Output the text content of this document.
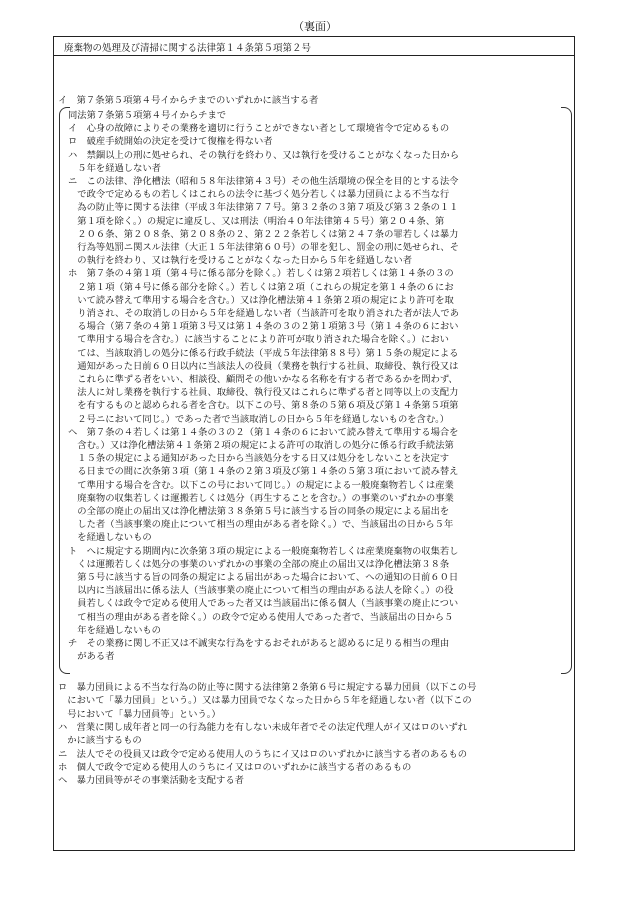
（裏面）
廃棄物の処理及び清掃に関する法律第１４条第５項第２号
イ　第７条第５項第４号イからチまでのいずれかに該当する者
同法第７条第５項第４号イからチまで
イ　心身の故障によりその業務を適切に行うことができない者として環境省令で定めるもの
ロ　破産手続開始の決定を受けて復権を得ない者
ハ　禁錮以上の刑に処せられ、その執行を終わり、又は執行を受けることがなくなった日から
　５年を経過しない者
ニ　この法律、浄化槽法（昭和５８年法律第４３号）その他生活環境の保全を目的とする法令
　で政令で定めるもの若しくはこれらの法令に基づく処分若しくは暴力団員による不当な行
　為の防止等に関する法律（平成３年法律第７７号。第３２条の３第７項及び第３２条の１１
　第１項を除く。）の規定に違反し、又は刑法（明治４０年法律第４５号）第２０４条、第
　２０６条、第２０８条、第２０８条の２、第２２２条若しくは第２４７条の罪若しくは暴力
　行為等処罰ニ関スル法律（大正１５年法律第６０号）の罪を犯し、罰金の刑に処せられ、そ
　の執行を終わり、又は執行を受けることがなくなった日から５年を経過しない者
ホ　第７条の４第１項（第４号に係る部分を除く。）若しくは第２項若しくは第１４条の３の
　２第１項（第４号に係る部分を除く。）若しくは第２項（これらの規定を第１４条の６にお
　いて読み替えて準用する場合を含む。）又は浄化槽法第４１条第２項の規定により許可を取
　り消され、その取消しの日から５年を経過しない者（当該許可を取り消された者が法人であ
　る場合（第７条の４第１項第３号又は第１４条の３の２第１項第３号（第１４条の６におい
　て準用する場合を含む。）に該当することにより許可が取り消された場合を除く。）におい
　ては、当該取消しの処分に係る行政手続法（平成５年法律第８８号）第１５条の規定による
　通知があった日前６０日以内に当該法人の役員（業務を執行する社員、取締役、執行役又は
　これらに準ずる者をいい、相談役、顧問その他いかなる名称を有する者であるかを問わず、
　法人に対し業務を執行する社員、取締役、執行役又はこれらに準ずる者と同等以上の支配力
　を有するものと認められる者を含む。以下この号、第８条の５第６項及び第１４条第５項第
　２号ニにおいて同じ。）であった者で当該取消しの日から５年を経過しないものを含む。）
ヘ　第７条の４若しくは第１４条の３の２（第１４条の６において読み替えて準用する場合を
　含む。）又は浄化槽法第４１条第２項の規定による許可の取消しの処分に係る行政手続法第
　１５条の規定による通知があった日から当該処分をする日又は処分をしないことを決定す
　る日までの間に次条第３項（第１４条の２第３項及び第１４条の５第３項において読み替え
　て準用する場合を含む。以下この号において同じ。）の規定による一般廃棄物若しくは産業
　廃棄物の収集若しくは運搬若しくは処分（再生することを含む。）の事業のいずれかの事業
　の全部の廃止の届出又は浄化槽法第３８条第５号に該当する旨の同条の規定による届出を
　した者（当該事業の廃止について相当の理由がある者を除く。）で、当該届出の日から５年
　を経過しないもの
ト　へに規定する期間内に次条第３項の規定による一般廃棄物若しくは産業廃棄物の収集若し
　くは運搬若しくは処分の事業のいずれかの事業の全部の廃止の届出又は浄化槽法第３８条
　第５号に該当する旨の同条の規定による届出があった場合において、への通知の日前６０日
　以内に当該届出に係る法人（当該事業の廃止について相当の理由がある法人を除く。）の役
　員若しくは政令で定める使用人であった者又は当該届出に係る個人（当該事業の廃止につい
　て相当の理由がある者を除く。）の政令で定める使用人であった者で、当該届出の日から５
　年を経過しないもの
チ　その業務に関し不正又は不誠実な行為をするおそれがあると認めるに足りる相当の理由
　がある者
ロ　暴力団員による不当な行為の防止等に関する法律第２条第６号に規定する暴力団員（以下この号
　において「暴力団員」という。）又は暴力団員でなくなった日から５年を経過しない者（以下この
　号において「暴力団員等」という。）
ハ　営業に関し成年者と同一の行為能力を有しない未成年者でその法定代理人がイ又はロのいずれ
　かに該当するもの
ニ　法人でその役員又は政令で定める使用人のうちにイ又はロのいずれかに該当する者のあるもの
ホ　個人で政令で定める使用人のうちにイ又はロのいずれかに該当する者のあるもの
ヘ　暴力団員等がその事業活動を支配する者
